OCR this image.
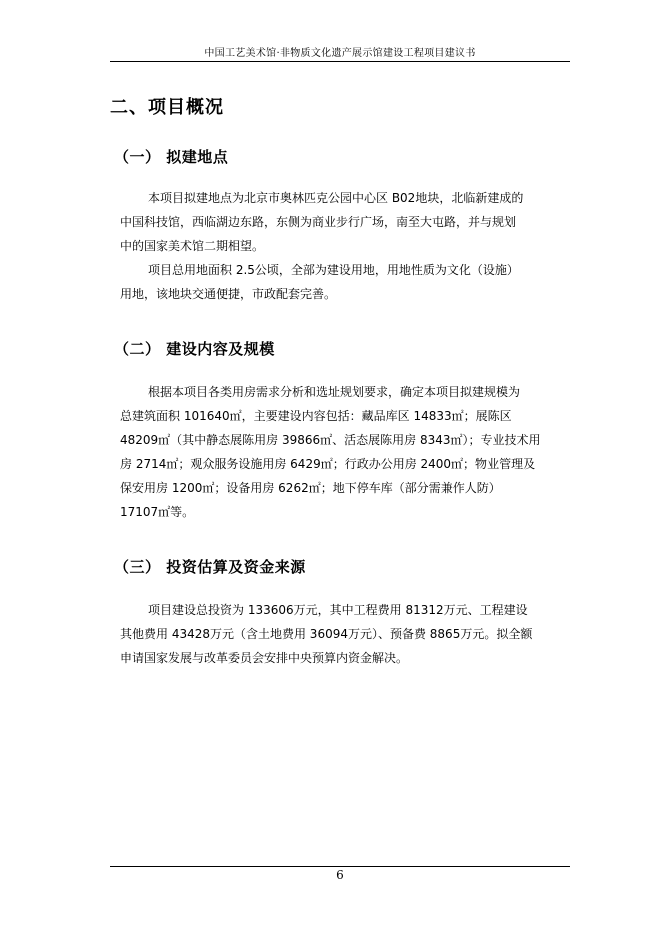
中国工艺美术馆·非物质文化遗产展示馆建设工程项目建议书
二、项目概况
（一） 拟建地点
本项目拟建地点为北京市奥林匹克公园中心区 B02地块，北临新建成的
中国科技馆，西临湖边东路，东侧为商业步行广场，南至大屯路，并与规划
中的国家美术馆二期相望。
项目总用地面积 2.5公顷，全部为建设用地，用地性质为文化（设施）
用地，该地块交通便捷，市政配套完善。
（二） 建设内容及规模
根据本项目各类用房需求分析和选址规划要求，确定本项目拟建规模为
总建筑面积 101640㎡，主要建设内容包括：藏品库区 14833㎡；展陈区
48209㎡（其中静态展陈用房 39866㎡、活态展陈用房 8343㎡）；专业技术用
房 2714㎡；观众服务设施用房 6429㎡；行政办公用房 2400㎡；物业管理及
保安用房 1200㎡；设备用房 6262㎡；地下停车库（部分需兼作人防）
17107㎡等。
（三） 投资估算及资金来源
项目建设总投资为 133606万元，其中工程费用 81312万元、工程建设
其他费用 43428万元（含土地费用 36094万元）、预备费 8865万元。拟全额
申请国家发展与改革委员会安排中央预算内资金解决。
6
